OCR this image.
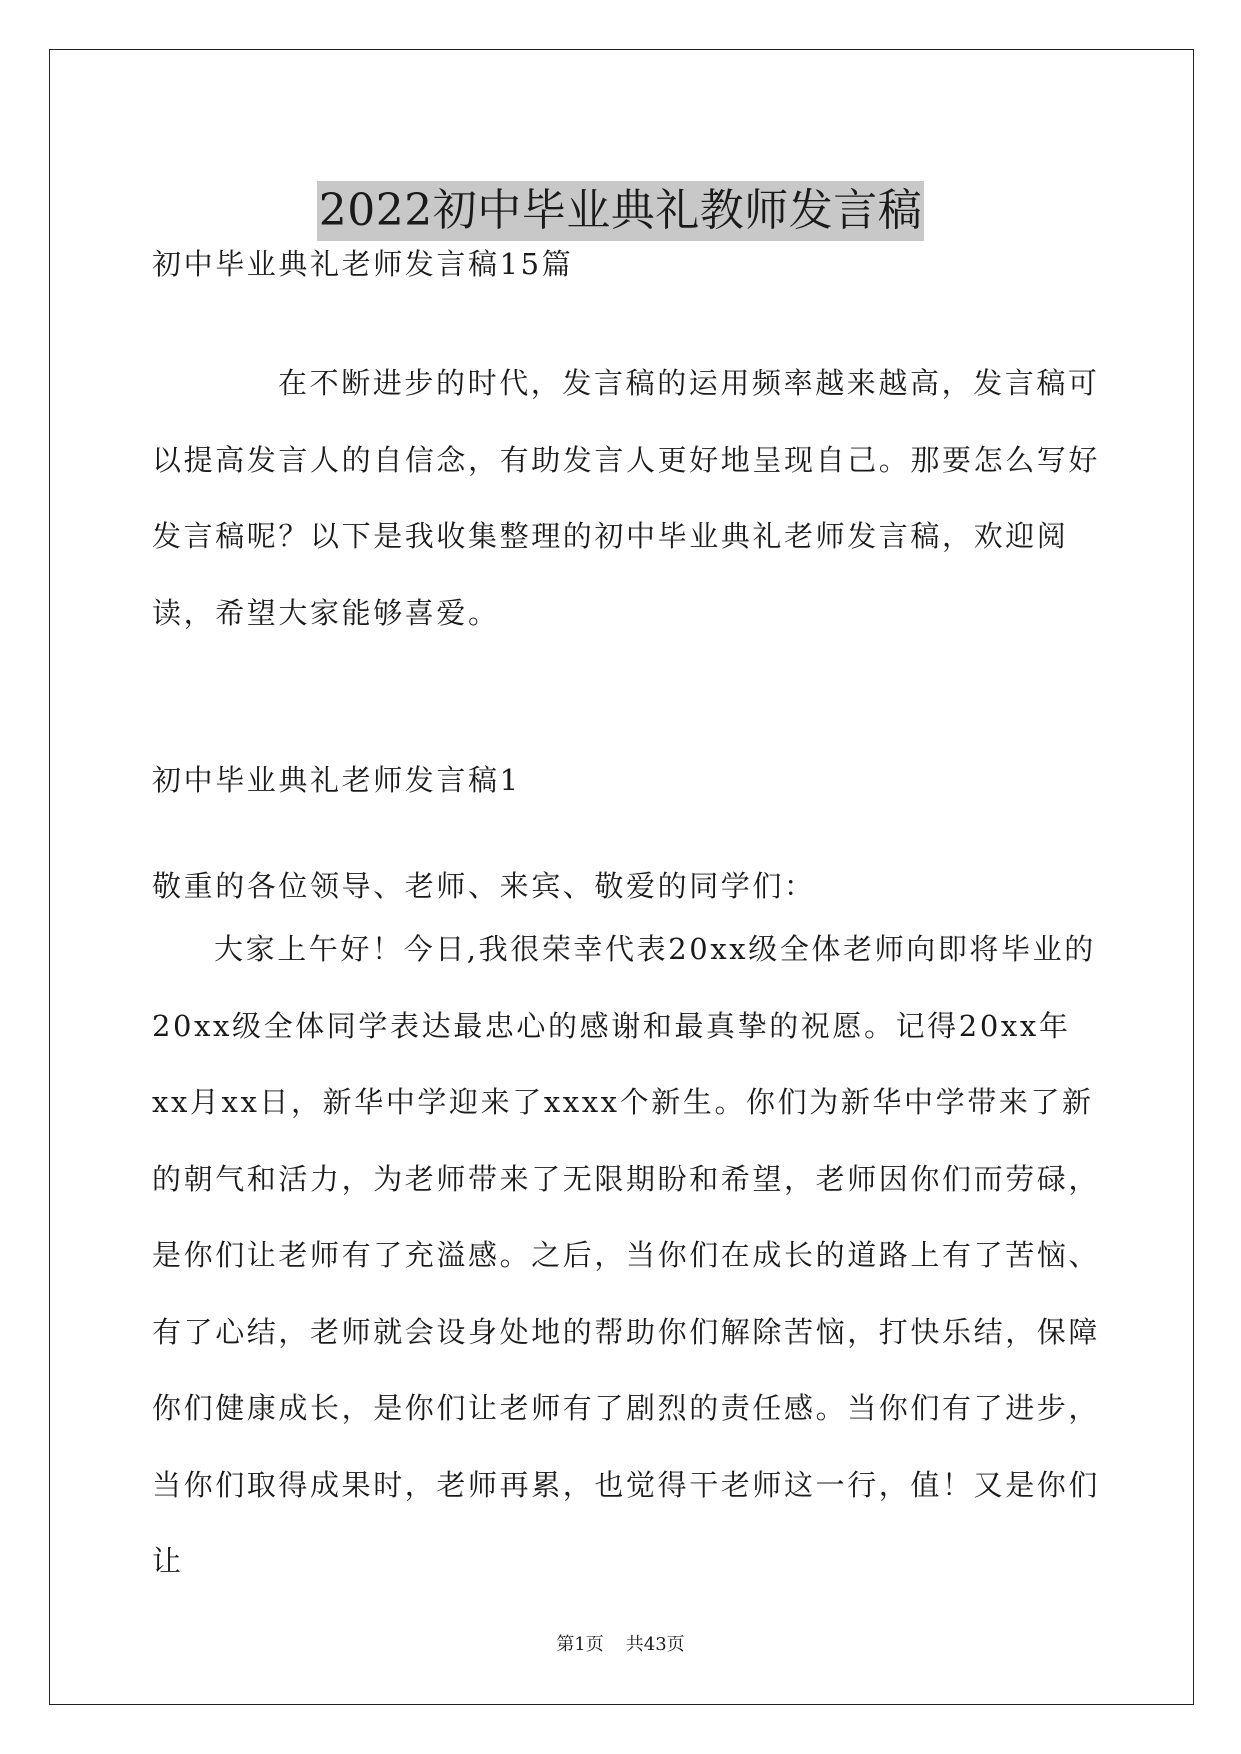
2022初中毕业典礼教师发言稿

初中毕业典礼老师发言稿15篇

在不断进步的时代，发言稿的运用频率越来越高，发言稿可以提高发言人的自信念，有助发言人更好地呈现自己。那要怎么写好发言稿呢？以下是我收集整理的初中毕业典礼老师发言稿，欢迎阅读，希望大家能够喜爱。

初中毕业典礼老师发言稿1

敬重的各位领导、老师、来宾、敬爱的同学们：

大家上午好！今日,我很荣幸代表20xx级全体老师向即将毕业的20xx级全体同学表达最忠心的感谢和最真挚的祝愿。记得20xx年xx月xx日，新华中学迎来了xxxx个新生。你们为新华中学带来了新的朝气和活力，为老师带来了无限期盼和希望，老师因你们而劳碌，是你们让老师有了充溢感。之后，当你们在成长的道路上有了苦恼、有了心结，老师就会设身处地的帮助你们解除苦恼，打快乐结，保障你们健康成长，是你们让老师有了剧烈的责任感。当你们有了进步，当你们取得成果时，老师再累，也觉得干老师这一行，值！又是你们让

第1页 共43页
